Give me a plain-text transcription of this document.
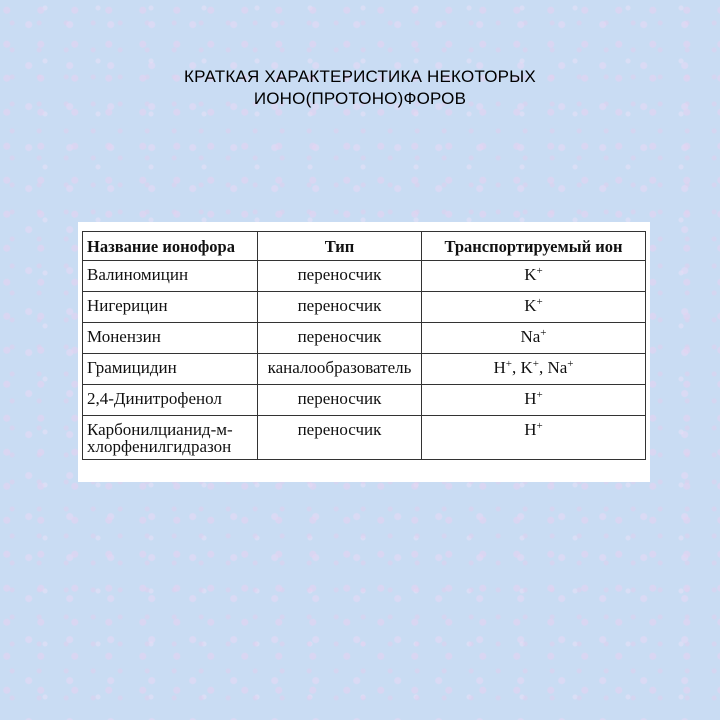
КРАТКАЯ ХАРАКТЕРИСТИКА НЕКОТОРЫХ
ИОНО(ПРОТОНО)ФОРОВ
Название ионофора	Тип	Транспортируемый ион
Валиномицин	переносчик	K+
Нигерицин	переносчик	K+
Монензин	переносчик	Na+
Грамицидин	каналообразователь	H+, K+, Na+
2,4-Динитрофенол	переносчик	H+
Карбонилцианид-м-хлорфенилгидразон	переносчик	H+
